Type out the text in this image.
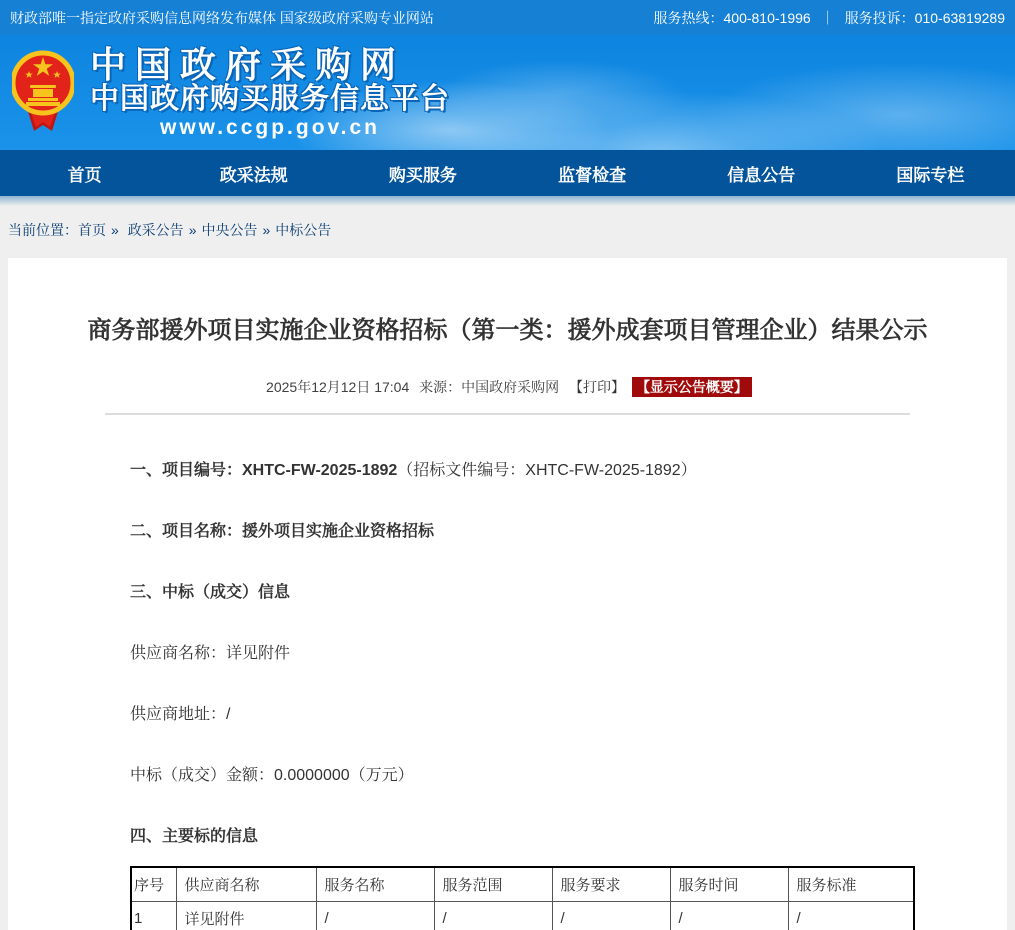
财政部唯一指定政府采购信息网络发布媒体 国家级政府采购专业网站	服务热线：400-810-1996 ｜ 服务投诉：010-63819289
中国政府采购网
中国政府购买服务信息平台
www.ccgp.gov.cn
首页	政采法规	购买服务	监督检查	信息公告	国际专栏
当前位置：首页 » 政采公告 » 中央公告 » 中标公告
商务部援外项目实施企业资格招标（第一类：援外成套项目管理企业）结果公示
2025年12月12日 17:04 来源：中国政府采购网 【打印】 【显示公告概要】

一、项目编号：XHTC-FW-2025-1892（招标文件编号：XHTC-FW-2025-1892）

二、项目名称：援外项目实施企业资格招标

三、中标（成交）信息

供应商名称：详见附件

供应商地址：/

中标（成交）金额：0.0000000（万元）

四、主要标的信息

序号	供应商名称	服务名称	服务范围	服务要求	服务时间	服务标准
1	详见附件	/	/	/	/	/
